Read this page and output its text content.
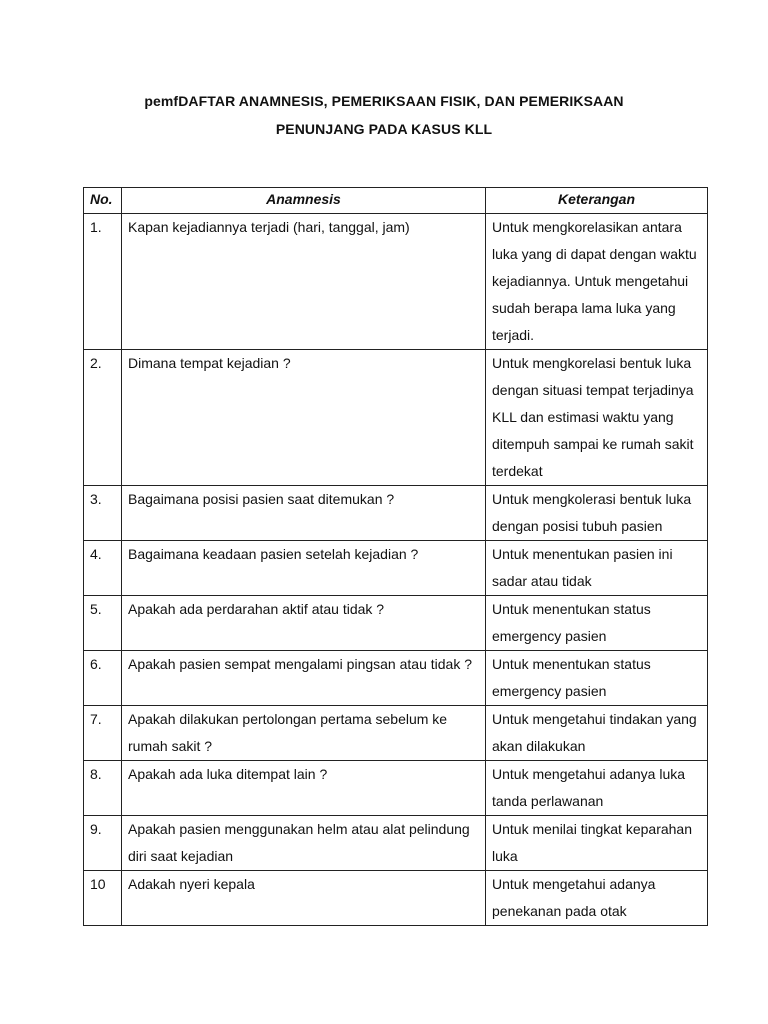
pemfDAFTAR ANAMNESIS, PEMERIKSAAN FISIK, DAN PEMERIKSAAN
PENUNJANG PADA KASUS KLL
No.	Anamnesis	Keterangan
1.	Kapan kejadiannya terjadi (hari, tanggal, jam)	Untuk mengkorelasikan antara luka yang di dapat dengan waktu kejadiannya. Untuk mengetahui sudah berapa lama luka yang terjadi.
2.	Dimana tempat kejadian ?	Untuk mengkorelasi bentuk luka dengan situasi tempat terjadinya KLL dan estimasi waktu yang ditempuh sampai ke rumah sakit terdekat
3.	Bagaimana posisi pasien saat ditemukan ?	Untuk mengkolerasi bentuk luka dengan posisi tubuh pasien
4.	Bagaimana keadaan pasien setelah kejadian ?	Untuk menentukan pasien ini sadar atau tidak
5.	Apakah ada perdarahan aktif atau tidak ?	Untuk menentukan status emergency pasien
6.	Apakah pasien sempat mengalami pingsan atau tidak ?	Untuk menentukan status emergency pasien
7.	Apakah dilakukan pertolongan pertama sebelum ke rumah sakit ?	Untuk mengetahui tindakan yang akan dilakukan
8.	Apakah ada luka ditempat lain ?	Untuk mengetahui adanya luka tanda perlawanan
9.	Apakah pasien menggunakan helm atau alat pelindung diri saat kejadian	Untuk menilai tingkat keparahan luka
10	Adakah nyeri kepala	Untuk mengetahui adanya penekanan pada otak
